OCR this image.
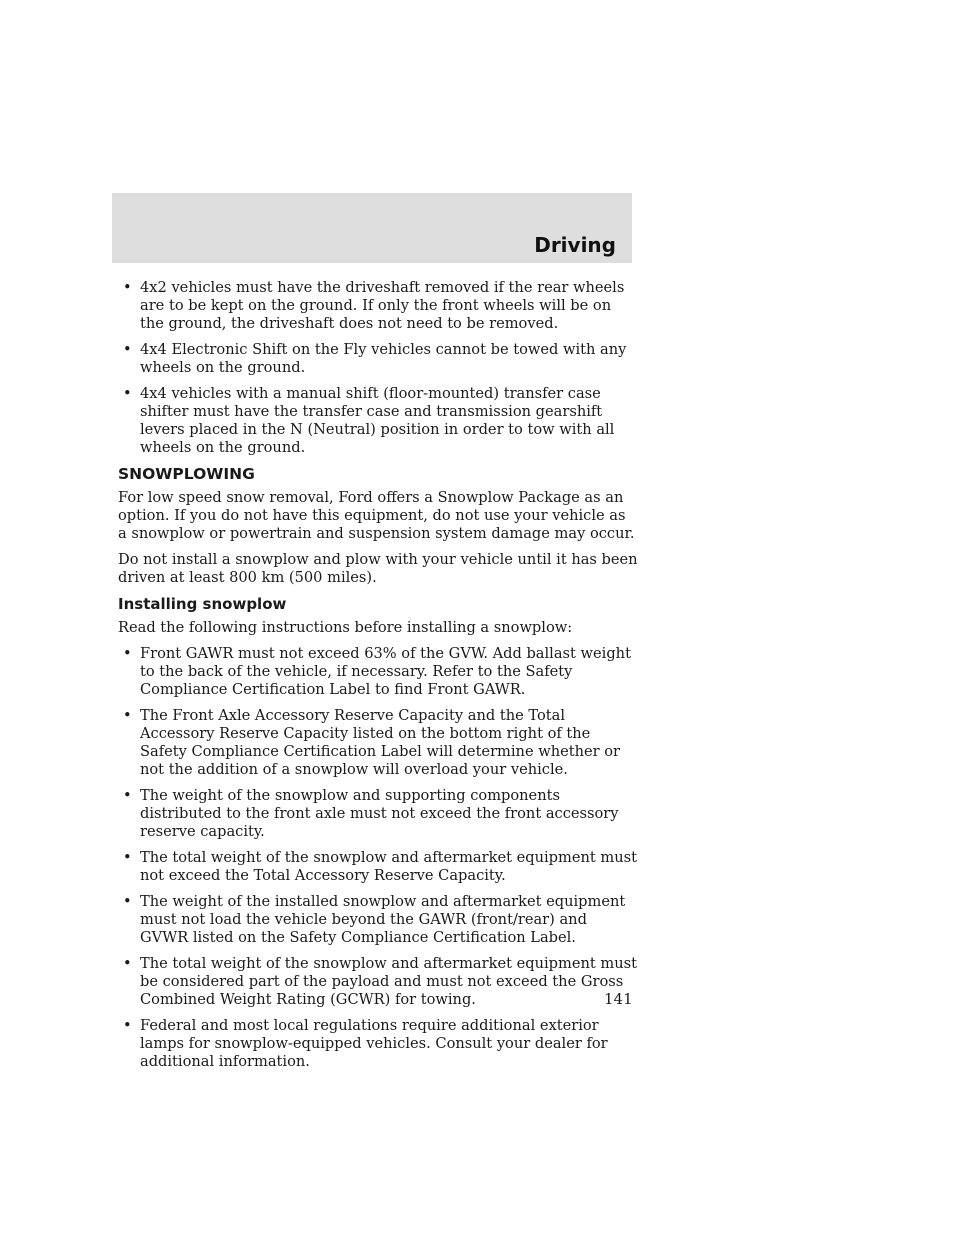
Driving
• 4x2 vehicles must have the driveshaft removed if the rear wheels are to be kept on the ground. If only the front wheels will be on the ground, the driveshaft does not need to be removed.
• 4x4 Electronic Shift on the Fly vehicles cannot be towed with any wheels on the ground.
• 4x4 vehicles with a manual shift (floor-mounted) transfer case shifter must have the transfer case and transmission gearshift levers placed in the N (Neutral) position in order to tow with all wheels on the ground.
SNOWPLOWING

For low speed snow removal, Ford offers a Snowplow Package as an option. If you do not have this equipment, do not use your vehicle as a snowplow or powertrain and suspension system damage may occur.

Do not install a snowplow and plow with your vehicle until it has been driven at least 800 km (500 miles).

Installing snowplow

Read the following instructions before installing a snowplow:

• Front GAWR must not exceed 63% of the GVW. Add ballast weight to the back of the vehicle, if necessary. Refer to the Safety Compliance Certification Label to find Front GAWR.
• The Front Axle Accessory Reserve Capacity and the Total Accessory Reserve Capacity listed on the bottom right of the Safety Compliance Certification Label will determine whether or not the addition of a snowplow will overload your vehicle.
• The weight of the snowplow and supporting components distributed to the front axle must not exceed the front accessory reserve capacity.
• The total weight of the snowplow and aftermarket equipment must not exceed the Total Accessory Reserve Capacity.
• The weight of the installed snowplow and aftermarket equipment must not load the vehicle beyond the GAWR (front/rear) and GVWR listed on the Safety Compliance Certification Label.
• The total weight of the snowplow and aftermarket equipment must be considered part of the payload and must not exceed the Gross Combined Weight Rating (GCWR) for towing.
• Federal and most local regulations require additional exterior lamps for snowplow-equipped vehicles. Consult your dealer for additional information.
141
